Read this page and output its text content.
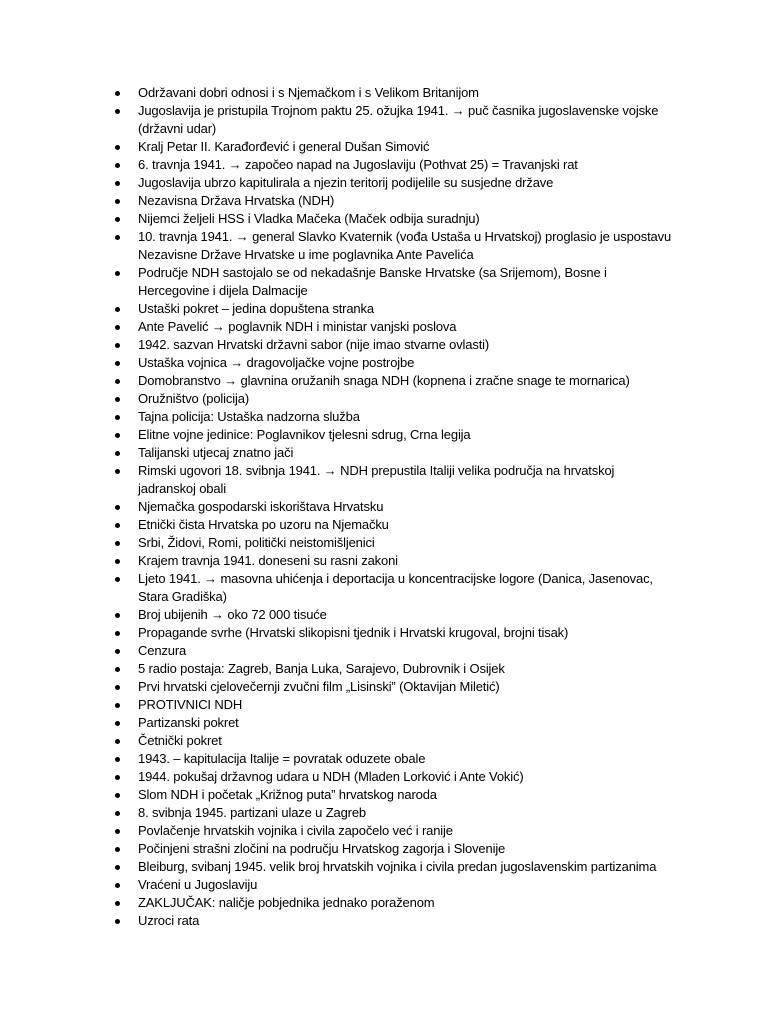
Održavani dobri odnosi i s Njemačkom i s Velikom Britanijom
Jugoslavija je pristupila Trojnom paktu 25. ožujka 1941. → puč časnika jugoslavenske vojske (državni udar)
Kralj Petar II. Karađorđević i general Dušan Simović
6. travnja 1941. → započeo napad na Jugoslaviju (Pothvat 25) = Travanjski rat
Jugoslavija ubrzo kapitulirala a njezin teritorij podijelile su susjedne države
Nezavisna Država Hrvatska (NDH)
Nijemci željeli HSS i Vladka Mačeka (Maček odbija suradnju)
10. travnja 1941. → general Slavko Kvaternik (vođa Ustaša u Hrvatskoj) proglasio je uspostavu Nezavisne Države Hrvatske u ime poglavnika Ante Pavelića
Područje NDH sastojalo se od nekadašnje Banske Hrvatske (sa Srijemom), Bosne i Hercegovine i dijela Dalmacije
Ustaški pokret – jedina dopuštena stranka
Ante Pavelić → poglavnik NDH i ministar vanjski poslova
1942. sazvan Hrvatski državni sabor (nije imao stvarne ovlasti)
Ustaška vojnica → dragovoljačke vojne postrojbe
Domobranstvo → glavnina oružanih snaga NDH (kopnena i zračne snage te mornarica)
Oružništvo (policija)
Tajna policija: Ustaška nadzorna služba
Elitne vojne jedinice: Poglavnikov tjelesni sdrug, Crna legija
Talijanski utjecaj znatno jači
Rimski ugovori 18. svibnja 1941. → NDH prepustila Italiji velika područja na hrvatskoj jadranskoj obali
Njemačka gospodarski iskorištava Hrvatsku
Etnički čista Hrvatska po uzoru na Njemačku
Srbi, Židovi, Romi, politički neistomišljenici
Krajem travnja 1941. doneseni su rasni zakoni
Ljeto 1941. → masovna uhićenja i deportacija u koncentracijske logore (Danica, Jasenovac, Stara Gradiška)
Broj ubijenih → oko 72 000 tisuće
Propagande svrhe (Hrvatski slikopisni tjednik i Hrvatski krugoval, brojni tisak)
Cenzura
5 radio postaja: Zagreb, Banja Luka, Sarajevo, Dubrovnik i Osijek
Prvi hrvatski cjelovečernji zvučni film „Lisinski” (Oktavijan Miletić)
PROTIVNICI NDH
Partizanski pokret
Četnički pokret
1943. – kapitulacija Italije = povratak oduzete obale
1944. pokušaj državnog udara u NDH (Mladen Lorković i Ante Vokić)
Slom NDH i početak „Križnog puta” hrvatskog naroda
8. svibnja 1945. partizani ulaze u Zagreb
Povlačenje hrvatskih vojnika i civila započelo već i ranije
Počinjeni strašni zločini na području Hrvatskog zagorja i Slovenije
Bleiburg, svibanj 1945. velik broj hrvatskih vojnika i civila predan jugoslavenskim partizanima
Vraćeni u Jugoslaviju
ZAKLJUČAK: naličje pobjednika jednako poraženom
Uzroci rata
